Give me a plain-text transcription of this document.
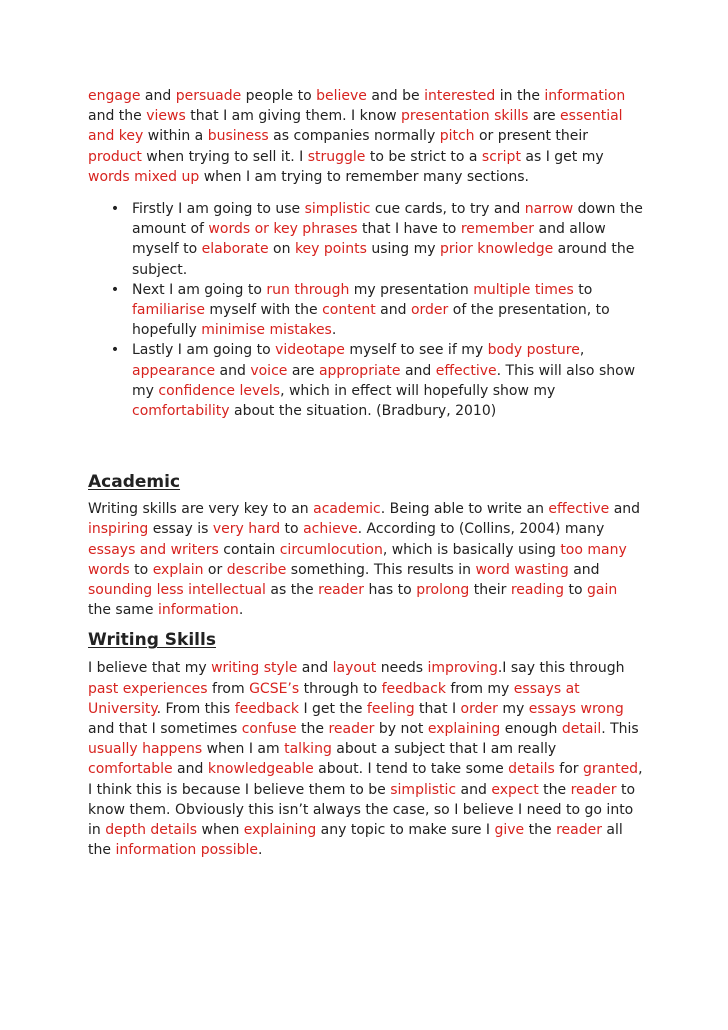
engage and persuade people to believe and be interested in the information and the views that I am giving them. I know presentation skills are essential and key within a business as companies normally pitch or present their product when trying to sell it. I struggle to be strict to a script as I get my words mixed up when I am trying to remember many sections.

• Firstly I am going to use simplistic cue cards, to try and narrow down the amount of words or key phrases that I have to remember and allow myself to elaborate on key points using my prior knowledge around the subject.
• Next I am going to run through my presentation multiple times to familiarise myself with the content and order of the presentation, to hopefully minimise mistakes.
• Lastly I am going to videotape myself to see if my body posture, appearance and voice are appropriate and effective. This will also show my confidence levels, which in effect will hopefully show my comfortability about the situation. (Bradbury, 2010)
Academic

Writing skills are very key to an academic. Being able to write an effective and inspiring essay is very hard to achieve. According to (Collins, 2004) many essays and writers contain circumlocution, which is basically using too many words to explain or describe something. This results in word wasting and sounding less intellectual as the reader has to prolong their reading to gain the same information.

Writing Skills

I believe that my writing style and layout needs improving.I say this through past experiences from GCSE’s through to feedback from my essays at University. From this feedback I get the feeling that I order my essays wrong and that I sometimes confuse the reader by not explaining enough detail. This usually happens when I am talking about a subject that I am really comfortable and knowledgeable about. I tend to take some details for granted, I think this is because I believe them to be simplistic and expect the reader to know them. Obviously this isn’t always the case, so I believe I need to go into in depth details when explaining any topic to make sure I give the reader all the information possible.
